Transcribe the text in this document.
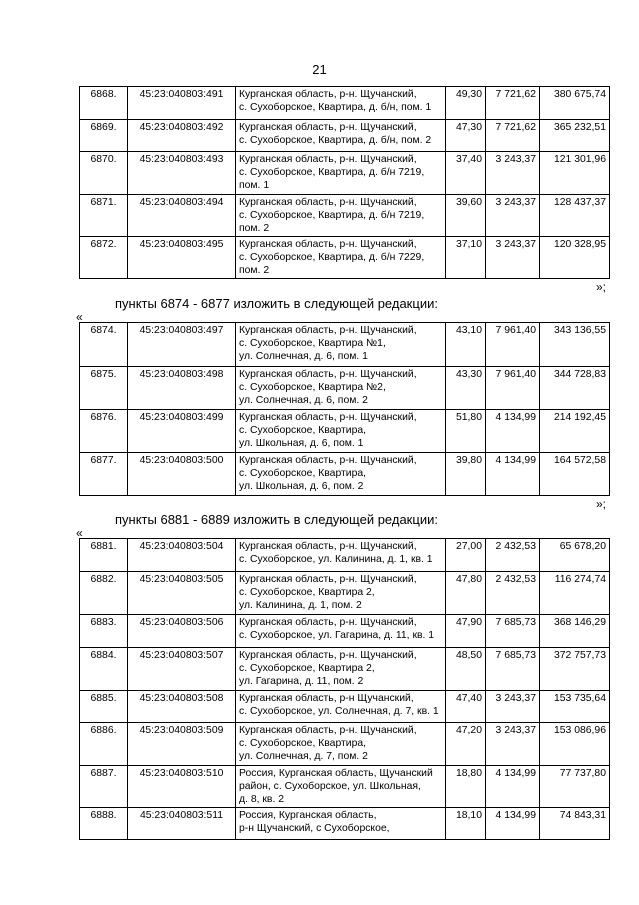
21
6868.	45:23:040803:491	Курганская область, р-н. Щучанский,
с. Сухоборское, Квартира, д. б/н, пом. 1	49,30	7 721,62	380 675,74
6869.	45:23:040803:492	Курганская область, р-н. Щучанский,
с. Сухоборское, Квартира, д. б/н, пом. 2	47,30	7 721,62	365 232,51
6870.	45:23:040803:493	Курганская область, р-н. Щучанский,
с. Сухоборское, Квартира, д. б/н 7219,
пом. 1	37,40	3 243,37	121 301,96
6871.	45:23:040803:494	Курганская область, р-н. Щучанский,
с. Сухоборское, Квартира, д. б/н 7219,
пом. 2	39,60	3 243,37	128 437,37
6872.	45:23:040803:495	Курганская область, р-н. Щучанский,
с. Сухоборское, Квартира, д. б/н 7229,
пом. 2	37,10	3 243,37	120 328,95
»;
пункты 6874 - 6877 изложить в следующей редакции:
«
6874.	45:23:040803:497	Курганская область, р-н. Щучанский,
с. Сухоборское, Квартира №1,
ул. Солнечная, д. 6, пом. 1	43,10	7 961,40	343 136,55
6875.	45:23:040803:498	Курганская область, р-н. Щучанский,
с. Сухоборское, Квартира №2,
ул. Солнечная, д. 6, пом. 2	43,30	7 961,40	344 728,83
6876.	45:23:040803:499	Курганская область, р-н. Щучанский,
с. Сухоборское, Квартира,
ул. Школьная, д. 6, пом. 1	51,80	4 134,99	214 192,45
6877.	45:23:040803:500	Курганская область, р-н. Щучанский,
с. Сухоборское, Квартира,
ул. Школьная, д. 6, пом. 2	39,80	4 134,99	164 572,58
»;
пункты 6881 - 6889 изложить в следующей редакции:
«
6881.	45:23:040803:504	Курганская область, р-н. Щучанский,
с. Сухоборское, ул. Калинина, д. 1, кв. 1	27,00	2 432,53	65 678,20
6882.	45:23:040803:505	Курганская область, р-н. Щучанский,
с. Сухоборское, Квартира 2,
ул. Калинина, д. 1, пом. 2	47,80	2 432,53	116 274,74
6883.	45:23:040803:506	Курганская область, р-н. Щучанский,
с. Сухоборское, ул. Гагарина, д. 11, кв. 1	47,90	7 685,73	368 146,29
6884.	45:23:040803:507	Курганская область, р-н. Щучанский,
с. Сухоборское, Квартира 2,
ул. Гагарина, д. 11, пом. 2	48,50	7 685,73	372 757,73
6885.	45:23:040803:508	Курганская область, р-н Щучанский,
с. Сухоборское, ул. Солнечная, д. 7, кв. 1	47,40	3 243,37	153 735,64
6886.	45:23:040803:509	Курганская область, р-н. Щучанский,
с. Сухоборское, Квартира,
ул. Солнечная, д. 7, пом. 2	47,20	3 243,37	153 086,96
6887.	45:23:040803:510	Россия, Курганская область, Щучанский
район, с. Сухоборское, ул. Школьная,
д. 8, кв. 2	18,80	4 134,99	77 737,80
6888.	45:23:040803:511	Россия, Курганская область,
р-н Щучанский, с Сухоборское,	18,10	4 134,99	74 843,31
